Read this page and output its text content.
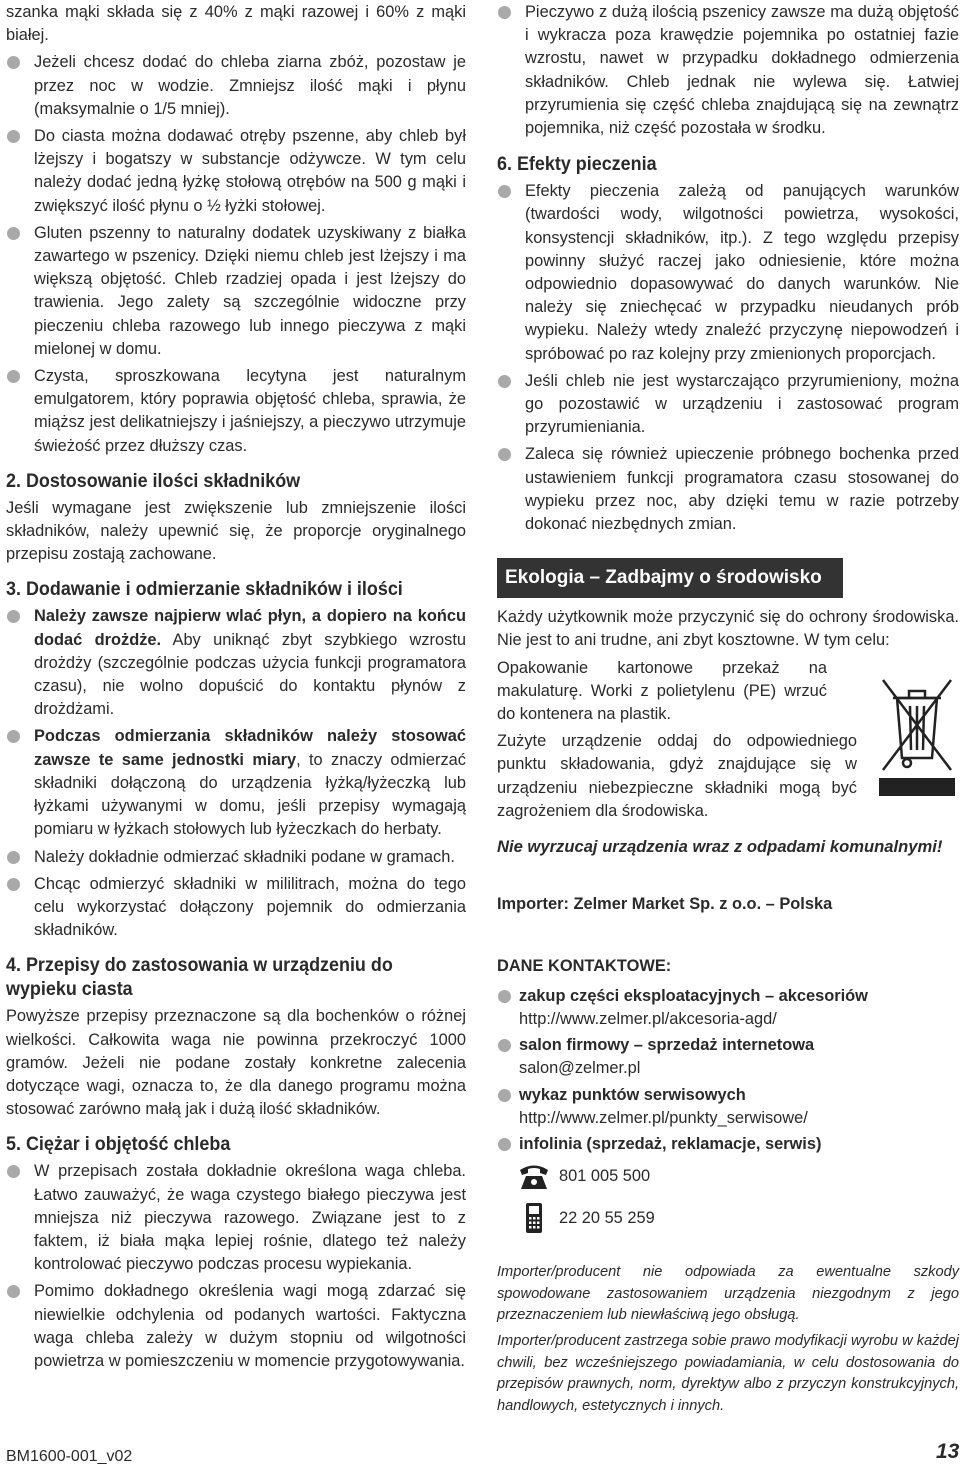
szanka mąki składa się z 40% z mąki razowej i 60% z mąki białej.

Jeżeli chcesz dodać do chleba ziarna zbóż, pozostaw je przez noc w wodzie. Zmniejsz ilość mąki i płynu (maksymalnie o 1/5 mniej).

Do ciasta można dodawać otręby pszenne, aby chleb był lżejszy i bogatszy w substancje odżywcze. W tym celu należy dodać jedną łyżkę stołową otrębów na 500 g mąki i zwiększyć ilość płynu o ½ łyżki stołowej.

Gluten pszenny to naturalny dodatek uzyskiwany z białka zawartego w pszenicy. Dzięki niemu chleb jest lżejszy i ma większą objętość. Chleb rzadziej opada i jest lżejszy do trawienia. Jego zalety są szczególnie widoczne przy pieczeniu chleba razowego lub innego pieczywa z mąki mielonej w domu.

Czysta, sproszkowana lecytyna jest naturalnym emulgatorem, który poprawia objętość chleba, sprawia, że miąższ jest delikatniejszy i jaśniejszy, a pieczywo utrzymuje świeżość przez dłuższy czas.

2. Dostosowanie ilości składników

Jeśli wymagane jest zwiększenie lub zmniejszenie ilości składników, należy upewnić się, że proporcje oryginalnego przepisu zostają zachowane.

3. Dodawanie i odmierzanie składników i ilości

Należy zawsze najpierw wlać płyn, a dopiero na końcu dodać drożdże. Aby uniknąć zbyt szybkiego wzrostu drożdży (szczególnie podczas użycia funkcji programatora czasu), nie wolno dopuścić do kontaktu płynów z drożdżami.

Podczas odmierzania składników należy stosować zawsze te same jednostki miary, to znaczy odmierzać składniki dołączoną do urządzenia łyżką/łyżeczką lub łyżkami używanymi w domu, jeśli przepisy wymagają pomiaru w łyżkach stołowych lub łyżeczkach do herbaty.

Należy dokładnie odmierzać składniki podane w gramach.

Chcąc odmierzyć składniki w mililitrach, można do tego celu wykorzystać dołączony pojemnik do odmierzania składników.

4. Przepisy do zastosowania w urządzeniu do wypieku ciasta

Powyższe przepisy przeznaczone są dla bochenków o różnej wielkości. Całkowita waga nie powinna przekroczyć 1000 gramów. Jeżeli nie podane zostały konkretne zalecenia dotyczące wagi, oznacza to, że dla danego programu można stosować zarówno małą jak i dużą ilość składników.

5. Ciężar i objętość chleba

W przepisach została dokładnie określona waga chleba. Łatwo zauważyć, że waga czystego białego pieczywa jest mniejsza niż pieczywa razowego. Związane jest to z faktem, iż biała mąka lepiej rośnie, dlatego też należy kontrolować pieczywo podczas procesu wypiekania.

Pomimo dokładnego określenia wagi mogą zdarzać się niewielkie odchylenia od podanych wartości. Faktyczna waga chleba zależy w dużym stopniu od wilgotności powietrza w pomieszczeniu w momencie przygotowywania.

Pieczywo z dużą ilością pszenicy zawsze ma dużą objętość i wykracza poza krawędzie pojemnika po ostatniej fazie wzrostu, nawet w przypadku dokładnego odmierzenia składników. Chleb jednak nie wylewa się. Łatwiej przyrumienia się część chleba znajdującą się na zewnątrz pojemnika, niż część pozostała w środku.

6. Efekty pieczenia

Efekty pieczenia zależą od panujących warunków (twardości wody, wilgotności powietrza, wysokości, konsystencji składników, itp.). Z tego względu przepisy powinny służyć raczej jako odniesienie, które można odpowiednio dopasowywać do danych warunków. Nie należy się zniechęcać w przypadku nieudanych prób wypieku. Należy wtedy znaleźć przyczynę niepowodzeń i spróbować po raz kolejny przy zmienionych proporcjach.

Jeśli chleb nie jest wystarczająco przyrumieniony, można go pozostawić w urządzeniu i zastosować program przyrumieniania.

Zaleca się również upieczenie próbnego bochenka przed ustawieniem funkcji programatora czasu stosowanej do wypieku przez noc, aby dzięki temu w razie potrzeby dokonać niezbędnych zmian.

Ekologia – Zadbajmy o środowisko

Każdy użytkownik może przyczynić się do ochrony środowiska. Nie jest to ani trudne, ani zbyt kosztowne. W tym celu:

Opakowanie kartonowe przekaż na makulaturę. Worki z polietylenu (PE) wrzuć do kontenera na plastik.

Zużyte urządzenie oddaj do odpowiedniego punktu składowania, gdyż znajdujące się w urządzeniu niebezpieczne składniki mogą być zagrożeniem dla środowiska.

Nie wyrzucaj urządzenia wraz z odpadami komunalnymi!

Importer: Zelmer Market Sp. z o.o. – Polska

DANE KONTAKTOWE:

zakup części eksploatacyjnych – akcesoriów
http://www.zelmer.pl/akcesoria-agd/
salon firmowy – sprzedaż internetowa
salon@zelmer.pl
wykaz punktów serwisowych
http://www.zelmer.pl/punkty_serwisowe/
infolinia (sprzedaż, reklamacje, serwis)
801 005 500
22 20 55 259

Importer/producent nie odpowiada za ewentualne szkody spowodowane zastosowaniem urządzenia niezgodnym z jego przeznaczeniem lub niewłaściwą jego obsługą.

Importer/producent zastrzega sobie prawo modyfikacji wyrobu w każdej chwili, bez wcześniejszego powiadamiania, w celu dostosowania do przepisów prawnych, norm, dyrektyw albo z przyczyn konstrukcyjnych, handlowych, estetycznych i innych.

BM1600-001_v02	13
